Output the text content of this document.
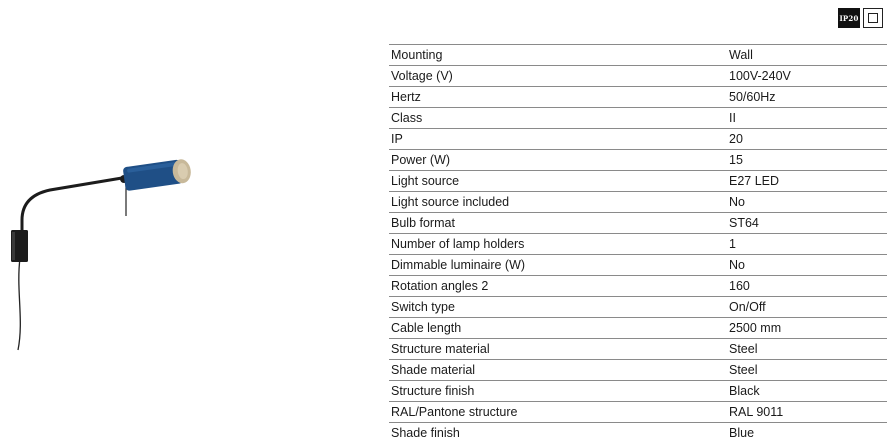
IP20
Mounting	Wall
Voltage (V)	100V-240V
Hertz	50/60Hz
Class	II
IP	20
Power (W)	15
Light source	E27 LED
Light source included	No
Bulb format	ST64
Number of lamp holders	1
Dimmable luminaire (W)	No
Rotation angles 2	160
Switch type	On/Off
Cable length	2500 mm
Structure material	Steel
Shade material	Steel
Structure finish	Black
RAL/Pantone structure	RAL 9011
Shade finish	Blue
